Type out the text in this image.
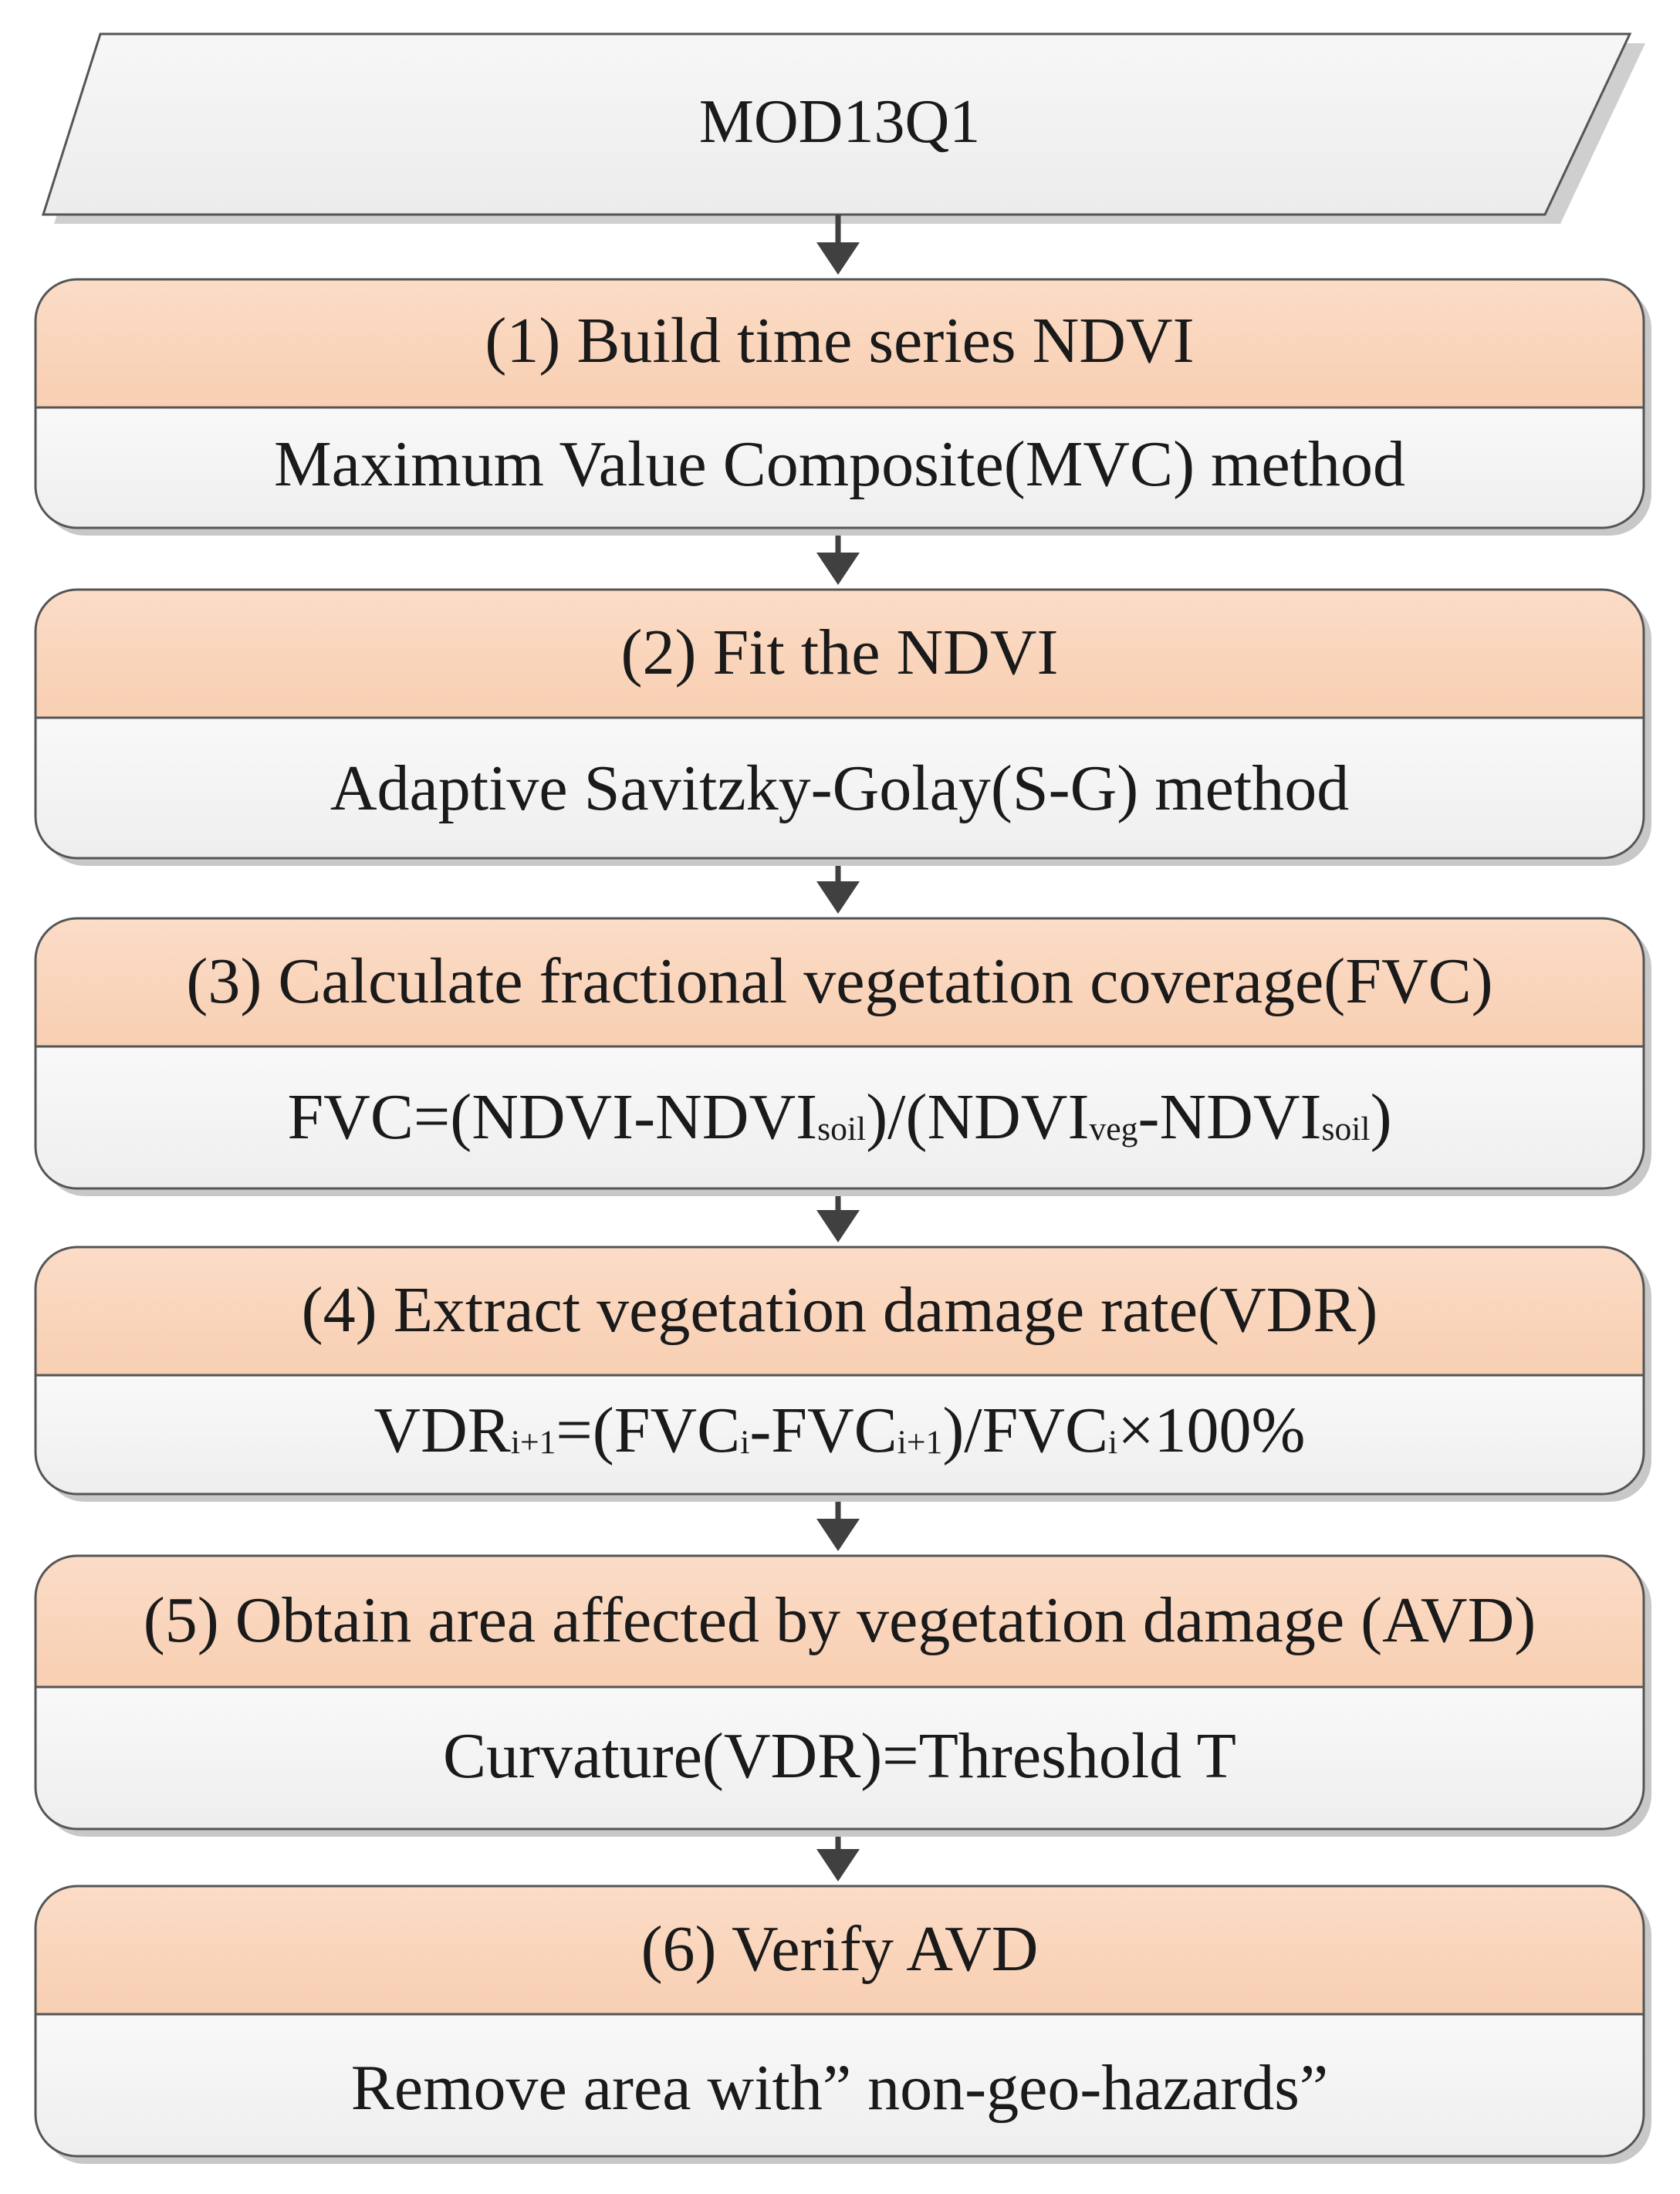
MOD13Q1
(1) Build time series NDVI
Maximum Value Composite(MVC) method
(2) Fit the NDVI
Adaptive Savitzky-Golay(S-G) method
(3) Calculate fractional vegetation coverage(FVC)
$FVC=(NDVI-NDVI_{soil})/(NDVI_{veg}-NDVI_{soil})$
(4) Extract vegetation damage rate(VDR)
$VDR_{i+1}=(FVC_i-FVC_{i+1})/FVC_i\times 100\%$
(5) Obtain area affected by vegetation damage (AVD)
Curvature(VDR)=Threshold T
(6) Verify AVD
Remove area with” non-geo-hazards”
